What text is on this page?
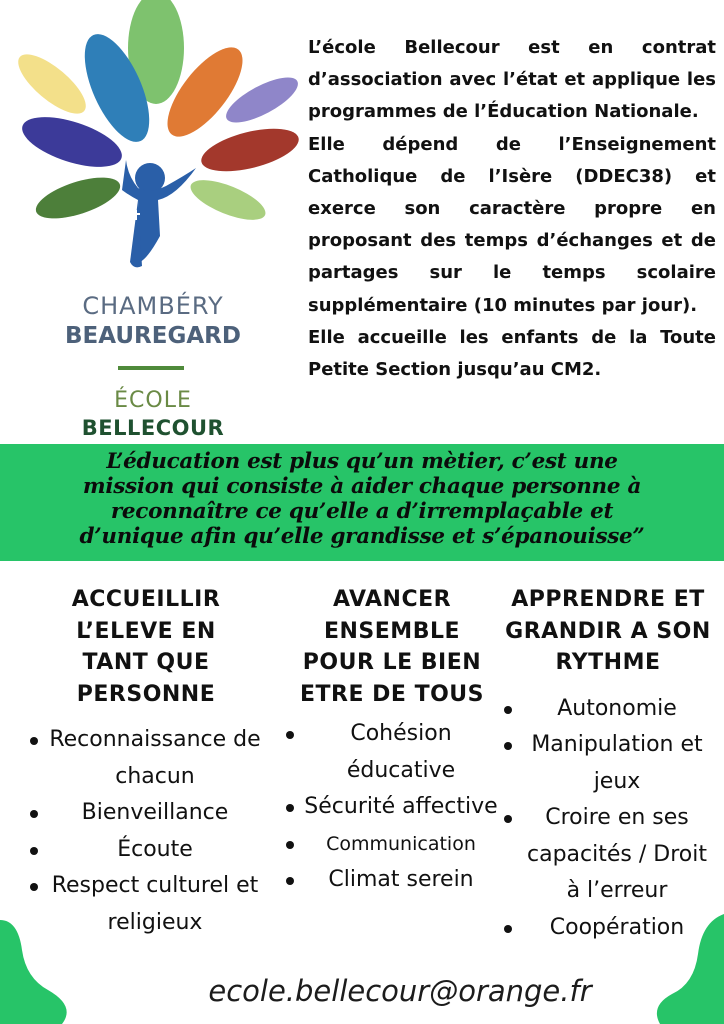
CHAMBÉRY
BEAUREGARD
ÉCOLE
BELLECOUR

L’école Bellecour est en contrat d’association avec l’état et applique les programmes de l’Éducation Nationale.

Elle dépend de l’Enseignement Catholique de l’Isère (DDEC38) et exerce son caractère propre en proposant des temps d’échanges et de partages sur le temps scolaire supplémentaire (10 minutes par jour).

Elle accueille les enfants de la Toute Petite Section jusqu’au CM2.

L’éducation est plus qu’un mètier, c’est une
mission qui consiste à aider chaque personne à
reconnaître ce qu’elle a d’irremplaçable et
d’unique afin qu’elle grandisse et s’épanouisse”
ACCUEILLIR
L’ELEVE EN
TANT QUE
PERSONNE
Reconnaissance de chacun
Bienveillance
Écoute
Respect culturel et religieux
AVANCER
ENSEMBLE
POUR LE BIEN
ETRE DE TOUS
Cohésion éducative
Sécurité affective
Communication
Climat serein
APPRENDRE ET
GRANDIR A SON
RYTHME
Autonomie
Manipulation et jeux
Croire en ses capacités / Droit à l’erreur
Coopération
ecole.bellecour@orange.fr
